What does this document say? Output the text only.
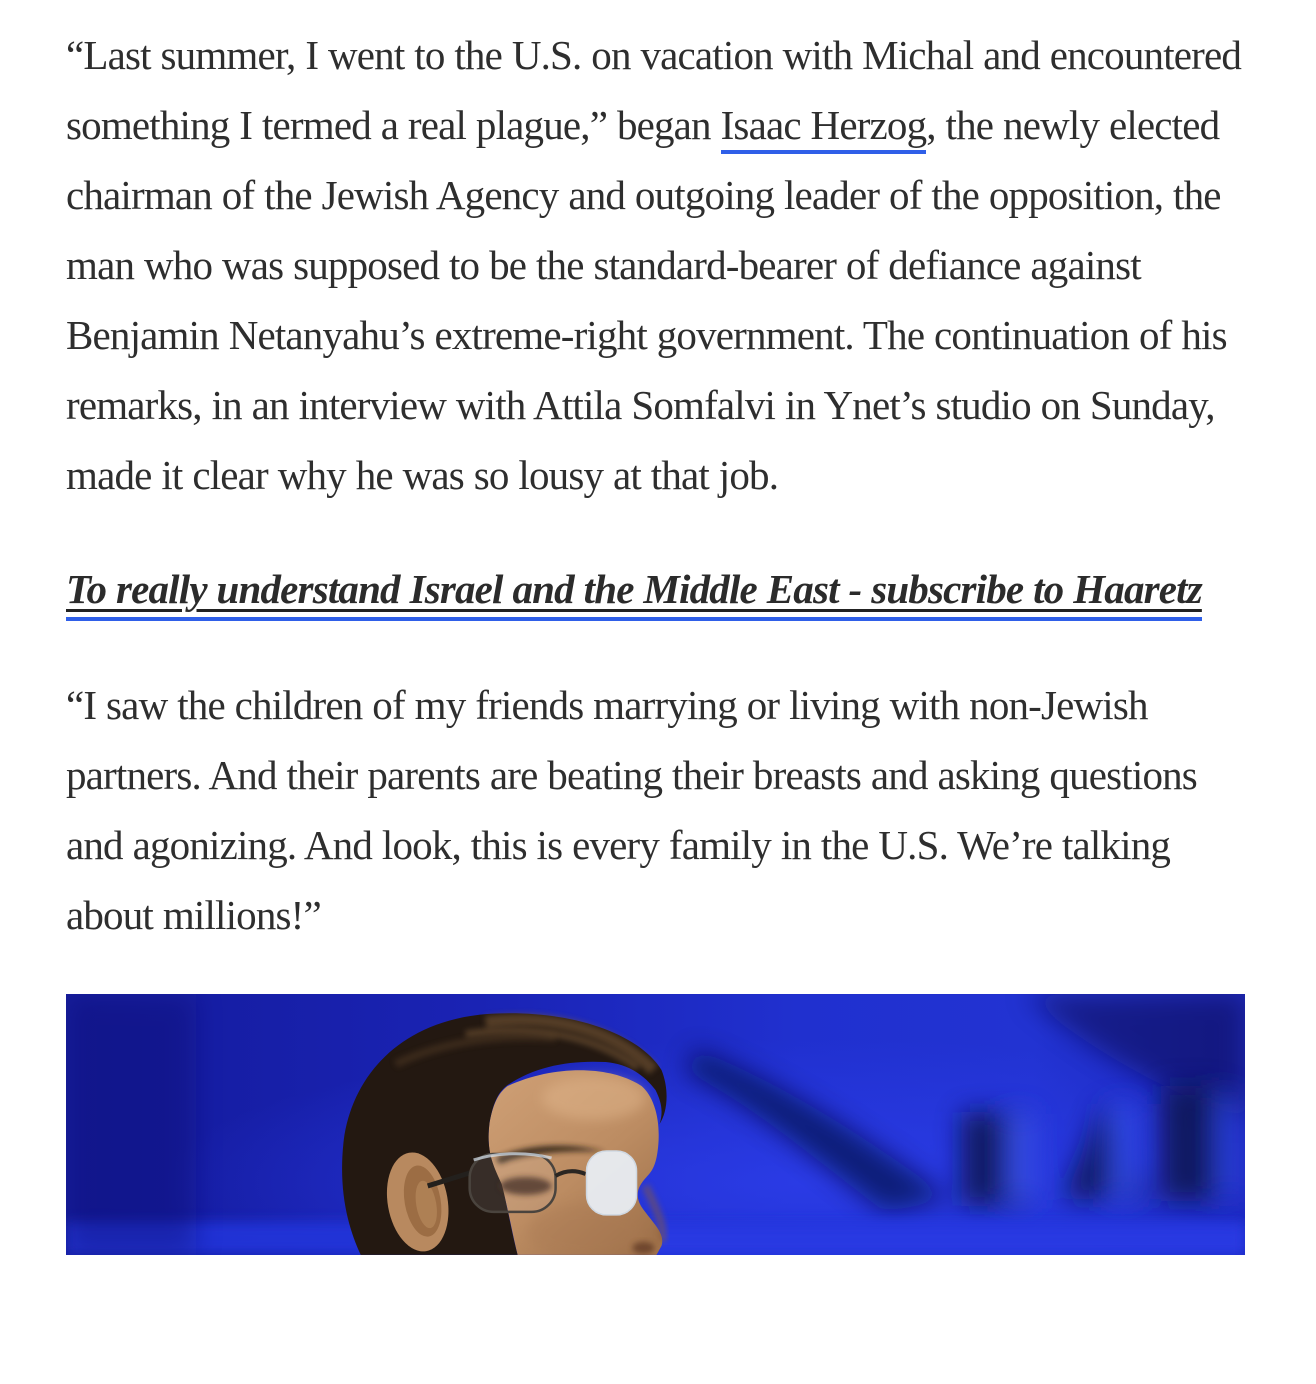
“Last summer, I went to the U.S. on vacation with Michal and encountered something I termed a real plague,” began Isaac Herzog, the newly elected chairman of the Jewish Agency and outgoing leader of the opposition, the man who was supposed to be the standard-bearer of defiance against Benjamin Netanyahu’s extreme-right government. The continuation of his remarks, in an interview with Attila Somfalvi in Ynet’s studio on Sunday, made it clear why he was so lousy at that job.

To really understand Israel and the Middle East - subscribe to Haaretz

“I saw the children of my friends marrying or living with non-Jewish partners. And their parents are beating their breasts and asking questions and agonizing. And look, this is every family in the U.S. We’re talking about millions!”
